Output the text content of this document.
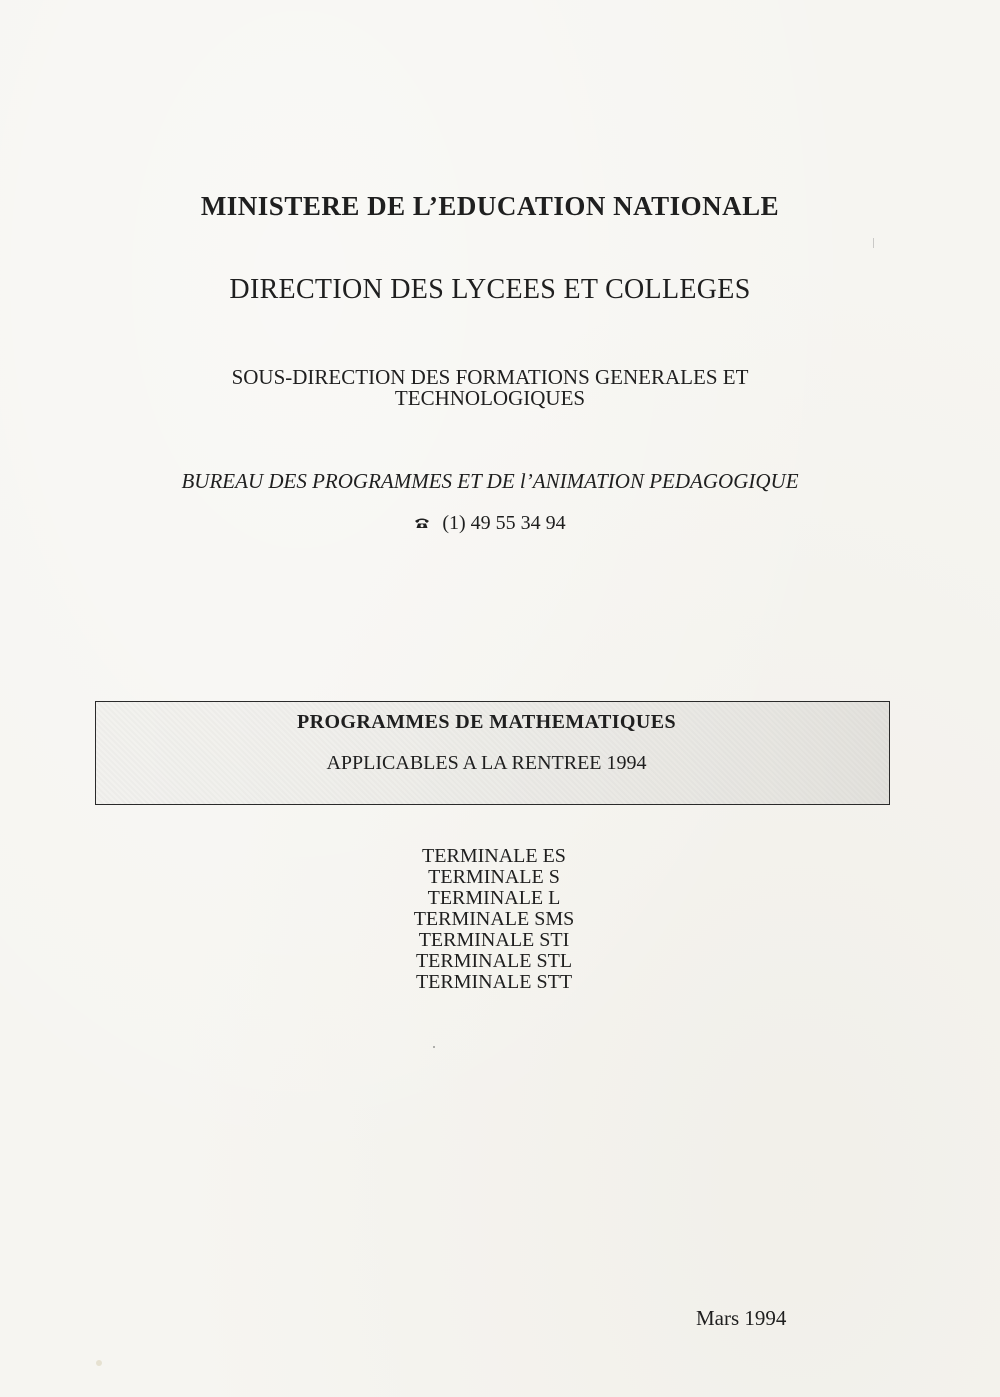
MINISTERE DE L’EDUCATION NATIONALE
DIRECTION DES LYCEES ET COLLEGES
SOUS-DIRECTION DES FORMATIONS GENERALES ET
TECHNOLOGIQUES
BUREAU DES PROGRAMMES ET DE l’ANIMATION PEDAGOGIQUE
(1) 49 55 34 94
PROGRAMMES DE MATHEMATIQUES
APPLICABLES A LA RENTREE 1994
TERMINALE ES
TERMINALE S
TERMINALE L
TERMINALE SMS
TERMINALE STI
TERMINALE STL
TERMINALE STT
Mars 1994
